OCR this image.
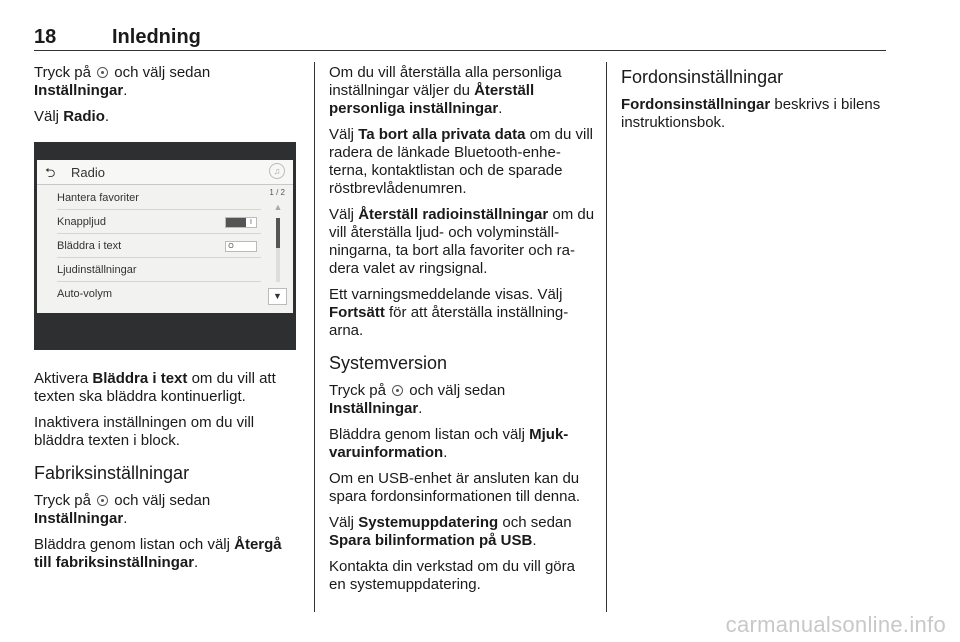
18	Inledning

Tryck på och välj sedan
Inställningar.

Välj Radio.

⮌ Radio	♫
Hantera favoriter
Knappljud	I
Bläddra i text	O
Ljudinställningar
Auto-volym
1 / 2
▲
▼

Aktivera Bläddra i text om du vill att texten ska bläddra kontinuerligt.

Inaktivera inställningen om du vill bläddra texten i block.

Fabriksinställningar

Tryck på och välj sedan
Inställningar.

Bläddra genom listan och välj Återgå till fabriksinställningar.

Om du vill återställa alla personliga inställningar väljer du Återställ personliga inställningar.

Välj Ta bort alla privata data om du vill radera de länkade Bluetooth-enhe-terna, kontaktlistan och de sparade röstbrevlådenumren.

Välj Återställ radioinställningar om du vill återställa ljud- och volyminställ-ningarna, ta bort alla favoriter och ra-dera valet av ringsignal.

Ett varningsmeddelande visas. Välj Fortsätt för att återställa inställning-arna.

Systemversion

Tryck på och välj sedan
Inställningar.

Bläddra genom listan och välj Mjuk-varuinformation.

Om en USB-enhet är ansluten kan du spara fordonsinformationen till denna.

Välj Systemuppdatering och sedan
Spara bilinformation på USB.

Kontakta din verkstad om du vill göra en systemuppdatering.

Fordonsinställningar

Fordonsinställningar beskrivs i bilens instruktionsbok.

carmanualsonline.info
